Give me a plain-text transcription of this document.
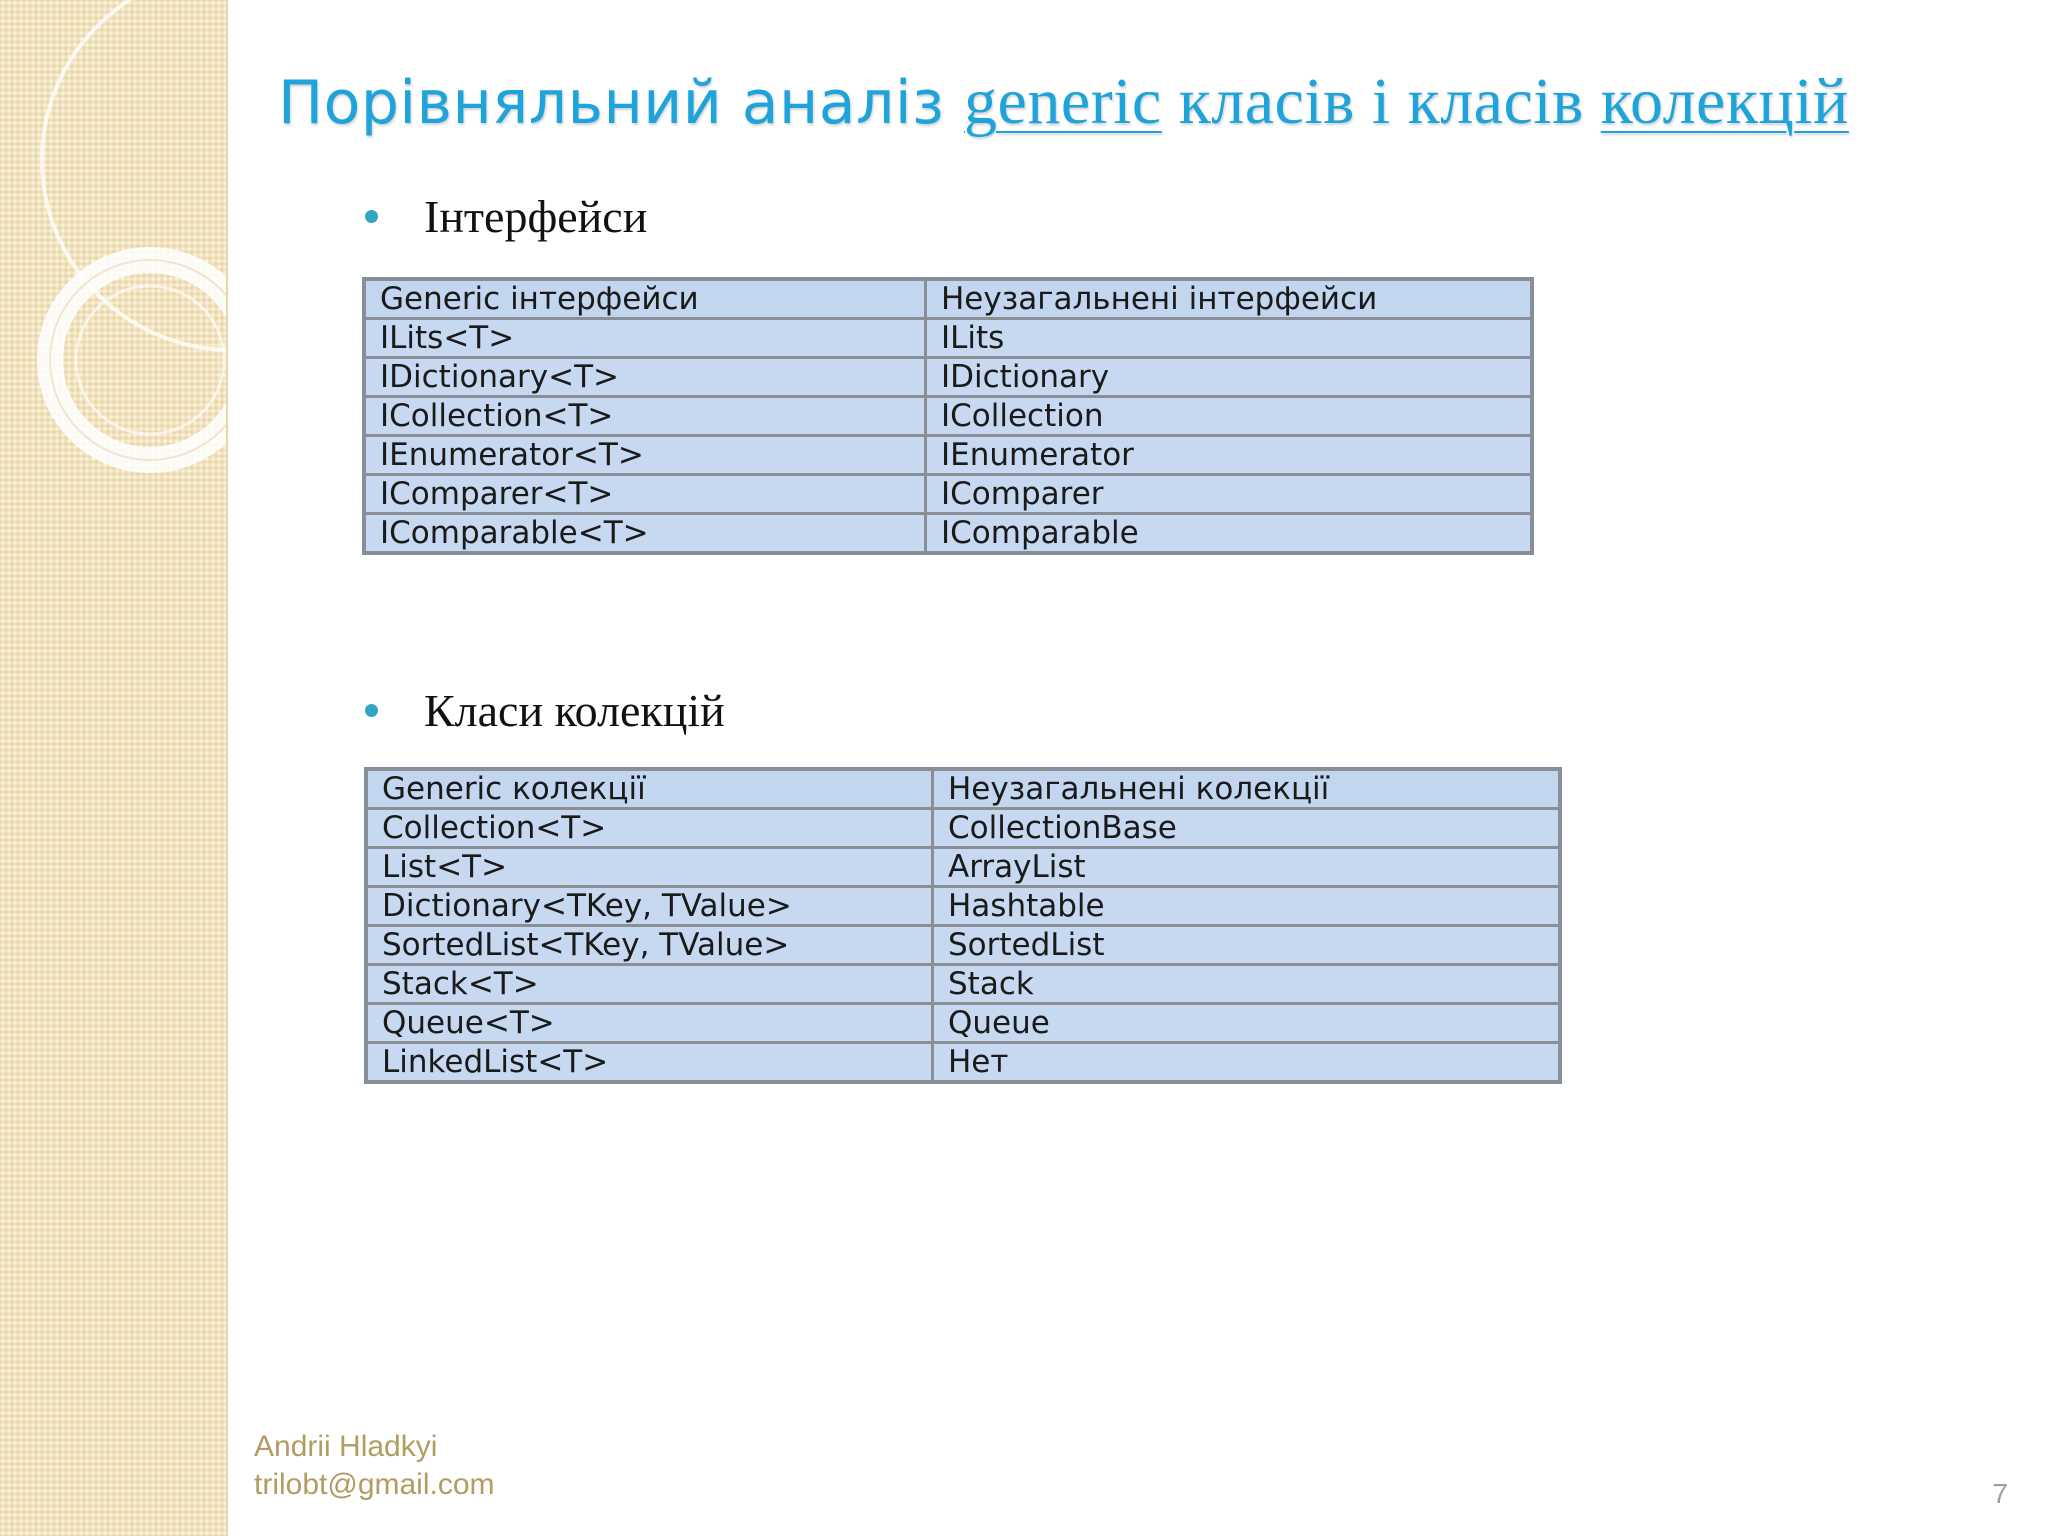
Порівняльний аналіз generic класів і класів колекцій
Інтерфейси
Generic інтерфейси	Неузагальнені інтерфейси
ILits<T>	ILits
IDictionary<T>	IDictionary
ICollection<T>	ICollection
IEnumerator<T>	IEnumerator
IComparer<T>	IComparer
IComparable<T>	IComparable
Класи колекцій
Generic колекції	Неузагальнені колекції
Collection<T>	CollectionBase
List<T>	ArrayList
Dictionary<TKey, TValue>	Hashtable
SortedList<TKey, TValue>	SortedList
Stack<T>	Stack
Queue<T>	Queue
LinkedList<T>	Нет
Andrii Hladkyi
trilobt@gmail.com	7
